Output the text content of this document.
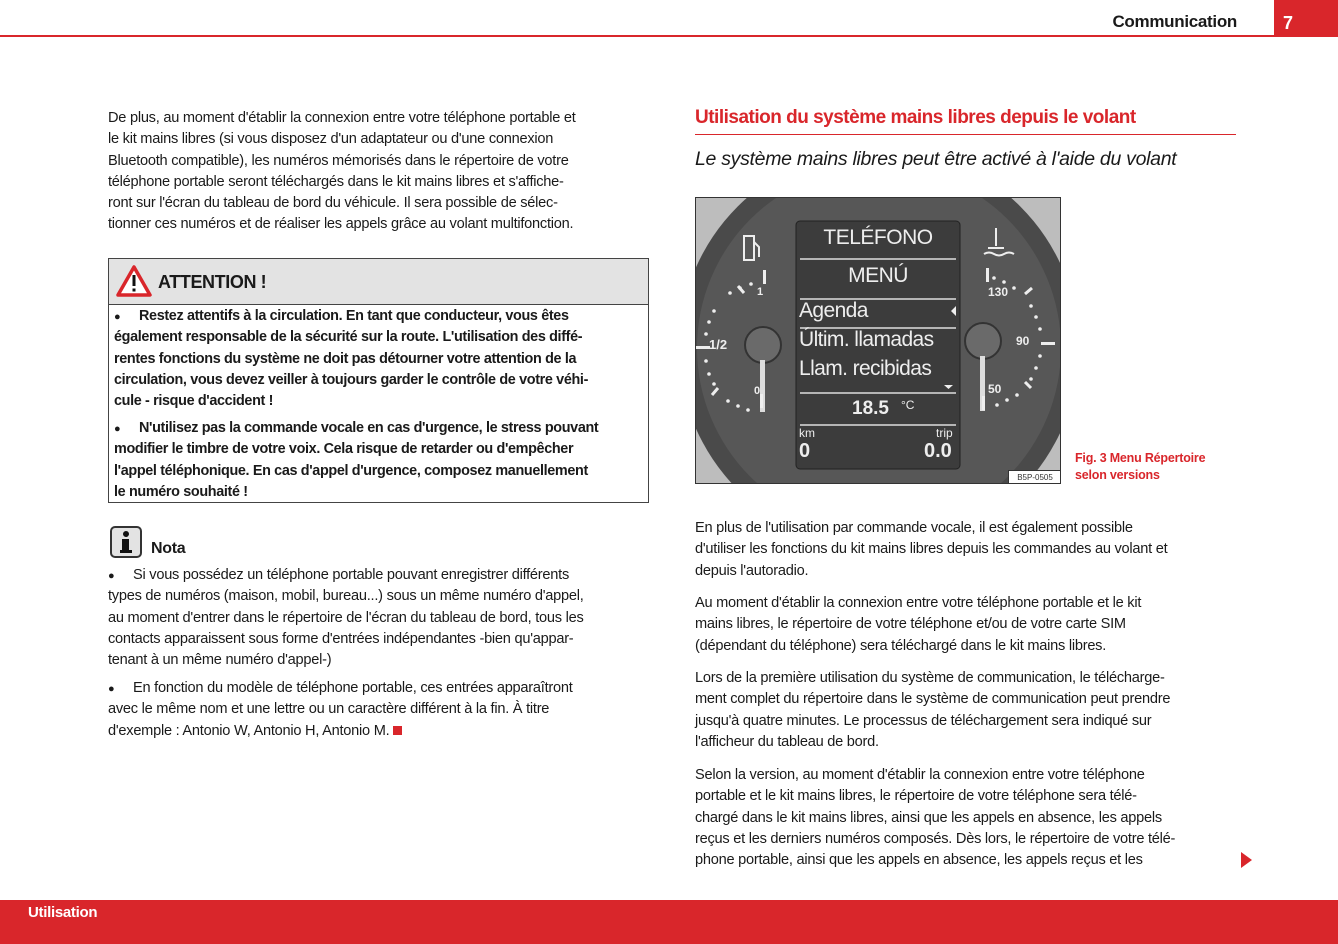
Communication	7
De plus, au moment d'établir la connexion entre votre téléphone portable et
le kit mains libres (si vous disposez d'un adaptateur ou d'une connexion
Bluetooth compatible), les numéros mémorisés dans le répertoire de votre
téléphone portable seront téléchargés dans le kit mains libres et s'affiche-
ront sur l'écran du tableau de bord du véhicule. Il sera possible de sélec-
tionner ces numéros et de réaliser les appels grâce au volant multifonction.
ATTENTION !
● Restez attentifs à la circulation. En tant que conducteur, vous êtes
également responsable de la sécurité sur la route. L'utilisation des diffé-
rentes fonctions du système ne doit pas détourner votre attention de la
circulation, vous devez veiller à toujours garder le contrôle de votre véhi-
cule - risque d'accident !
● N'utilisez pas la commande vocale en cas d'urgence, le stress pouvant
modifier le timbre de votre voix. Cela risque de retarder ou d'empêcher
l'appel téléphonique. En cas d'appel d'urgence, composez manuellement
le numéro souhaité !
Nota
● Si vous possédez un téléphone portable pouvant enregistrer différents
types de numéros (maison, mobil, bureau...) sous un même numéro d'appel,
au moment d'entrer dans le répertoire de l'écran du tableau de bord, tous les
contacts apparaissent sous forme d'entrées indépendantes -bien qu'appar-
tenant à un même numéro d'appel-)
● En fonction du modèle de téléphone portable, ces entrées apparaîtront
avec le même nom et une lettre ou un caractère différent à la fin. À titre
d'exemple : Antonio W, Antonio H, Antonio M.
Utilisation du système mains libres depuis le volant
Le système mains libres peut être activé à l'aide du volant
TELÉFONO
MENÚ
Agenda
Últim. llamadas
Llam. recibidas
18.5 °C
km	trip
0	0.0
1
1/2
0
130
90
50
B5P-0505
Fig. 3 Menu Répertoire
selon versions
En plus de l'utilisation par commande vocale, il est également possible
d'utiliser les fonctions du kit mains libres depuis les commandes au volant et
depuis l'autoradio.
Au moment d'établir la connexion entre votre téléphone portable et le kit
mains libres, le répertoire de votre téléphone et/ou de votre carte SIM
(dépendant du téléphone) sera téléchargé dans le kit mains libres.
Lors de la première utilisation du système de communication, le télécharge-
ment complet du répertoire dans le système de communication peut prendre
jusqu'à quatre minutes. Le processus de téléchargement sera indiqué sur
l'afficheur du tableau de bord.
Selon la version, au moment d'établir la connexion entre votre téléphone
portable et le kit mains libres, le répertoire de votre téléphone sera télé-
chargé dans le kit mains libres, ainsi que les appels en absence, les appels
reçus et les derniers numéros composés. Dès lors, le répertoire de votre télé-
phone portable, ainsi que les appels en absence, les appels reçus et les
Utilisation
